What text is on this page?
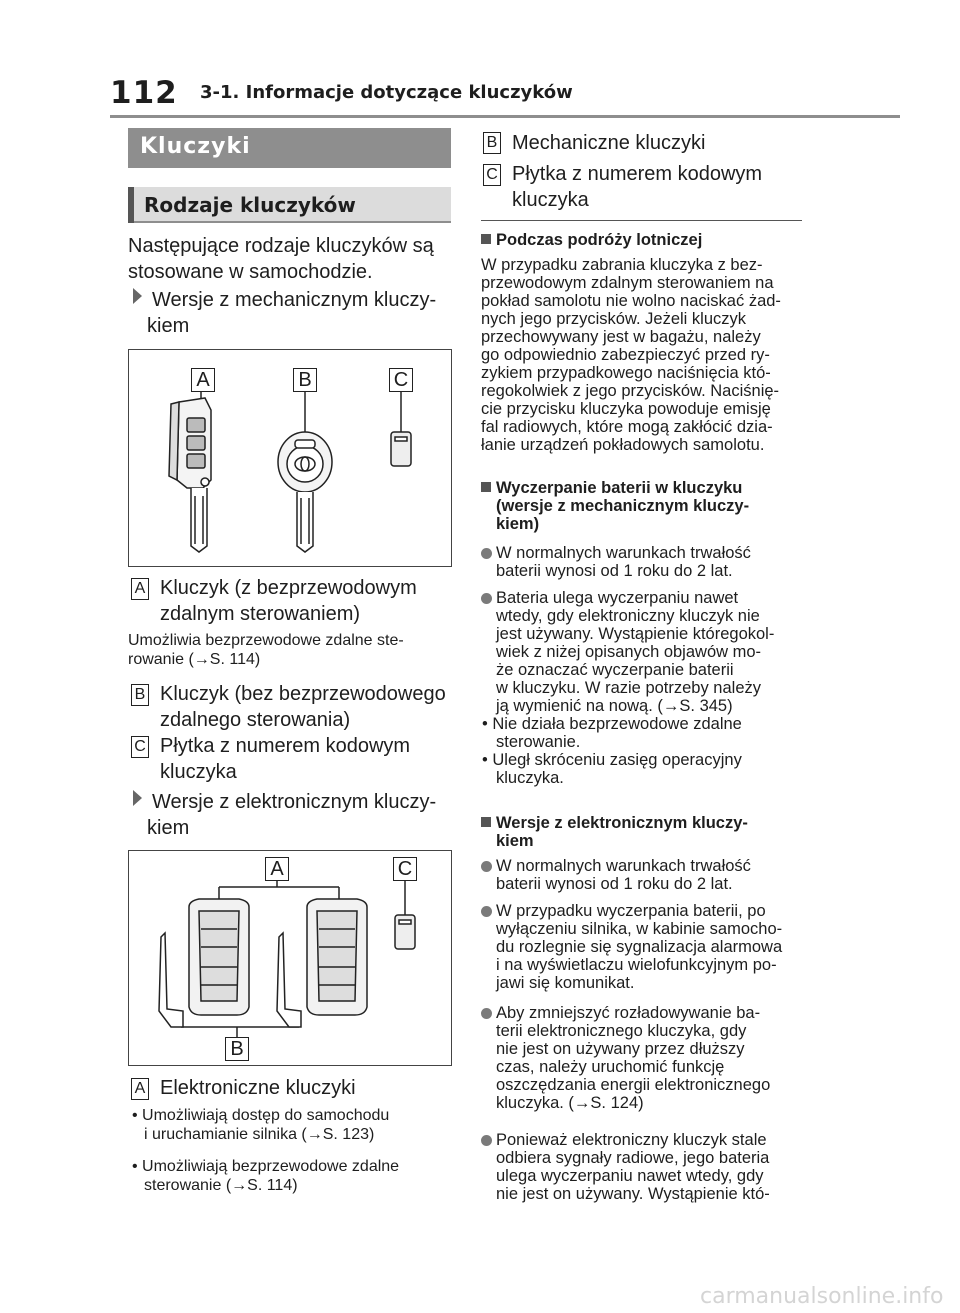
112 3-1. Informacje dotyczące kluczyków
Kluczyki
Rodzaje kluczyków
Następujące rodzaje kluczyków są
stosowane w samochodzie.
Wersje z mechanicznym kluczy-
kiem
A	B	C
A Kluczyk (z bezprzewodowym
zdalnym sterowaniem)
Umożliwia bezprzewodowe zdalne ste-
rowanie (→S. 114)
B Kluczyk (bez bezprzewodowego
zdalnego sterowania)
C Płytka z numerem kodowym
kluczyka
Wersje z elektronicznym kluczy-
kiem
A	C
B
A Elektroniczne kluczyki
• Umożliwiają dostęp do samochodu
i uruchamianie silnika (→S. 123)
• Umożliwiają bezprzewodowe zdalne
sterowanie (→S. 114)
B Mechaniczne kluczyki
C Płytka z numerem kodowym
kluczyka
Podczas podróży lotniczej
W przypadku zabrania kluczyka z bez-
przewodowym zdalnym sterowaniem na
pokład samolotu nie wolno naciskać żad-
nych jego przycisków. Jeżeli kluczyk
przechowywany jest w bagażu, należy
go odpowiednio zabezpieczyć przed ry-
zykiem przypadkowego naciśnięcia któ-
regokolwiek z jego przycisków. Naciśnię-
cie przycisku kluczyka powoduje emisję
fal radiowych, które mogą zakłócić dzia-
łanie urządzeń pokładowych samolotu.
Wyczerpanie baterii w kluczyku
(wersje z mechanicznym kluczy-
kiem)
W normalnych warunkach trwałość
baterii wynosi od 1 roku do 2 lat.
Bateria ulega wyczerpaniu nawet
wtedy, gdy elektroniczny kluczyk nie
jest używany. Wystąpienie któregokol-
wiek z niżej opisanych objawów mo-
że oznaczać wyczerpanie baterii
w kluczyku. W razie potrzeby należy
ją wymienić na nową. (→S. 345)
• Nie działa bezprzewodowe zdalne
sterowanie.
• Uległ skróceniu zasięg operacyjny
kluczyka.
Wersje z elektronicznym kluczy-
kiem
W normalnych warunkach trwałość
baterii wynosi od 1 roku do 2 lat.
W przypadku wyczerpania baterii, po
wyłączeniu silnika, w kabinie samocho-
du rozlegnie się sygnalizacja alarmowa
i na wyświetlaczu wielofunkcyjnym po-
jawi się komunikat.
Aby zmniejszyć rozładowywanie ba-
terii elektronicznego kluczyka, gdy
nie jest on używany przez dłuższy
czas, należy uruchomić funkcję
oszczędzania energii elektronicznego
kluczyka. (→S. 124)
Ponieważ elektroniczny kluczyk stale
odbiera sygnały radiowe, jego bateria
ulega wyczerpaniu nawet wtedy, gdy
nie jest on używany. Wystąpienie któ-
carmanualsonline.info
